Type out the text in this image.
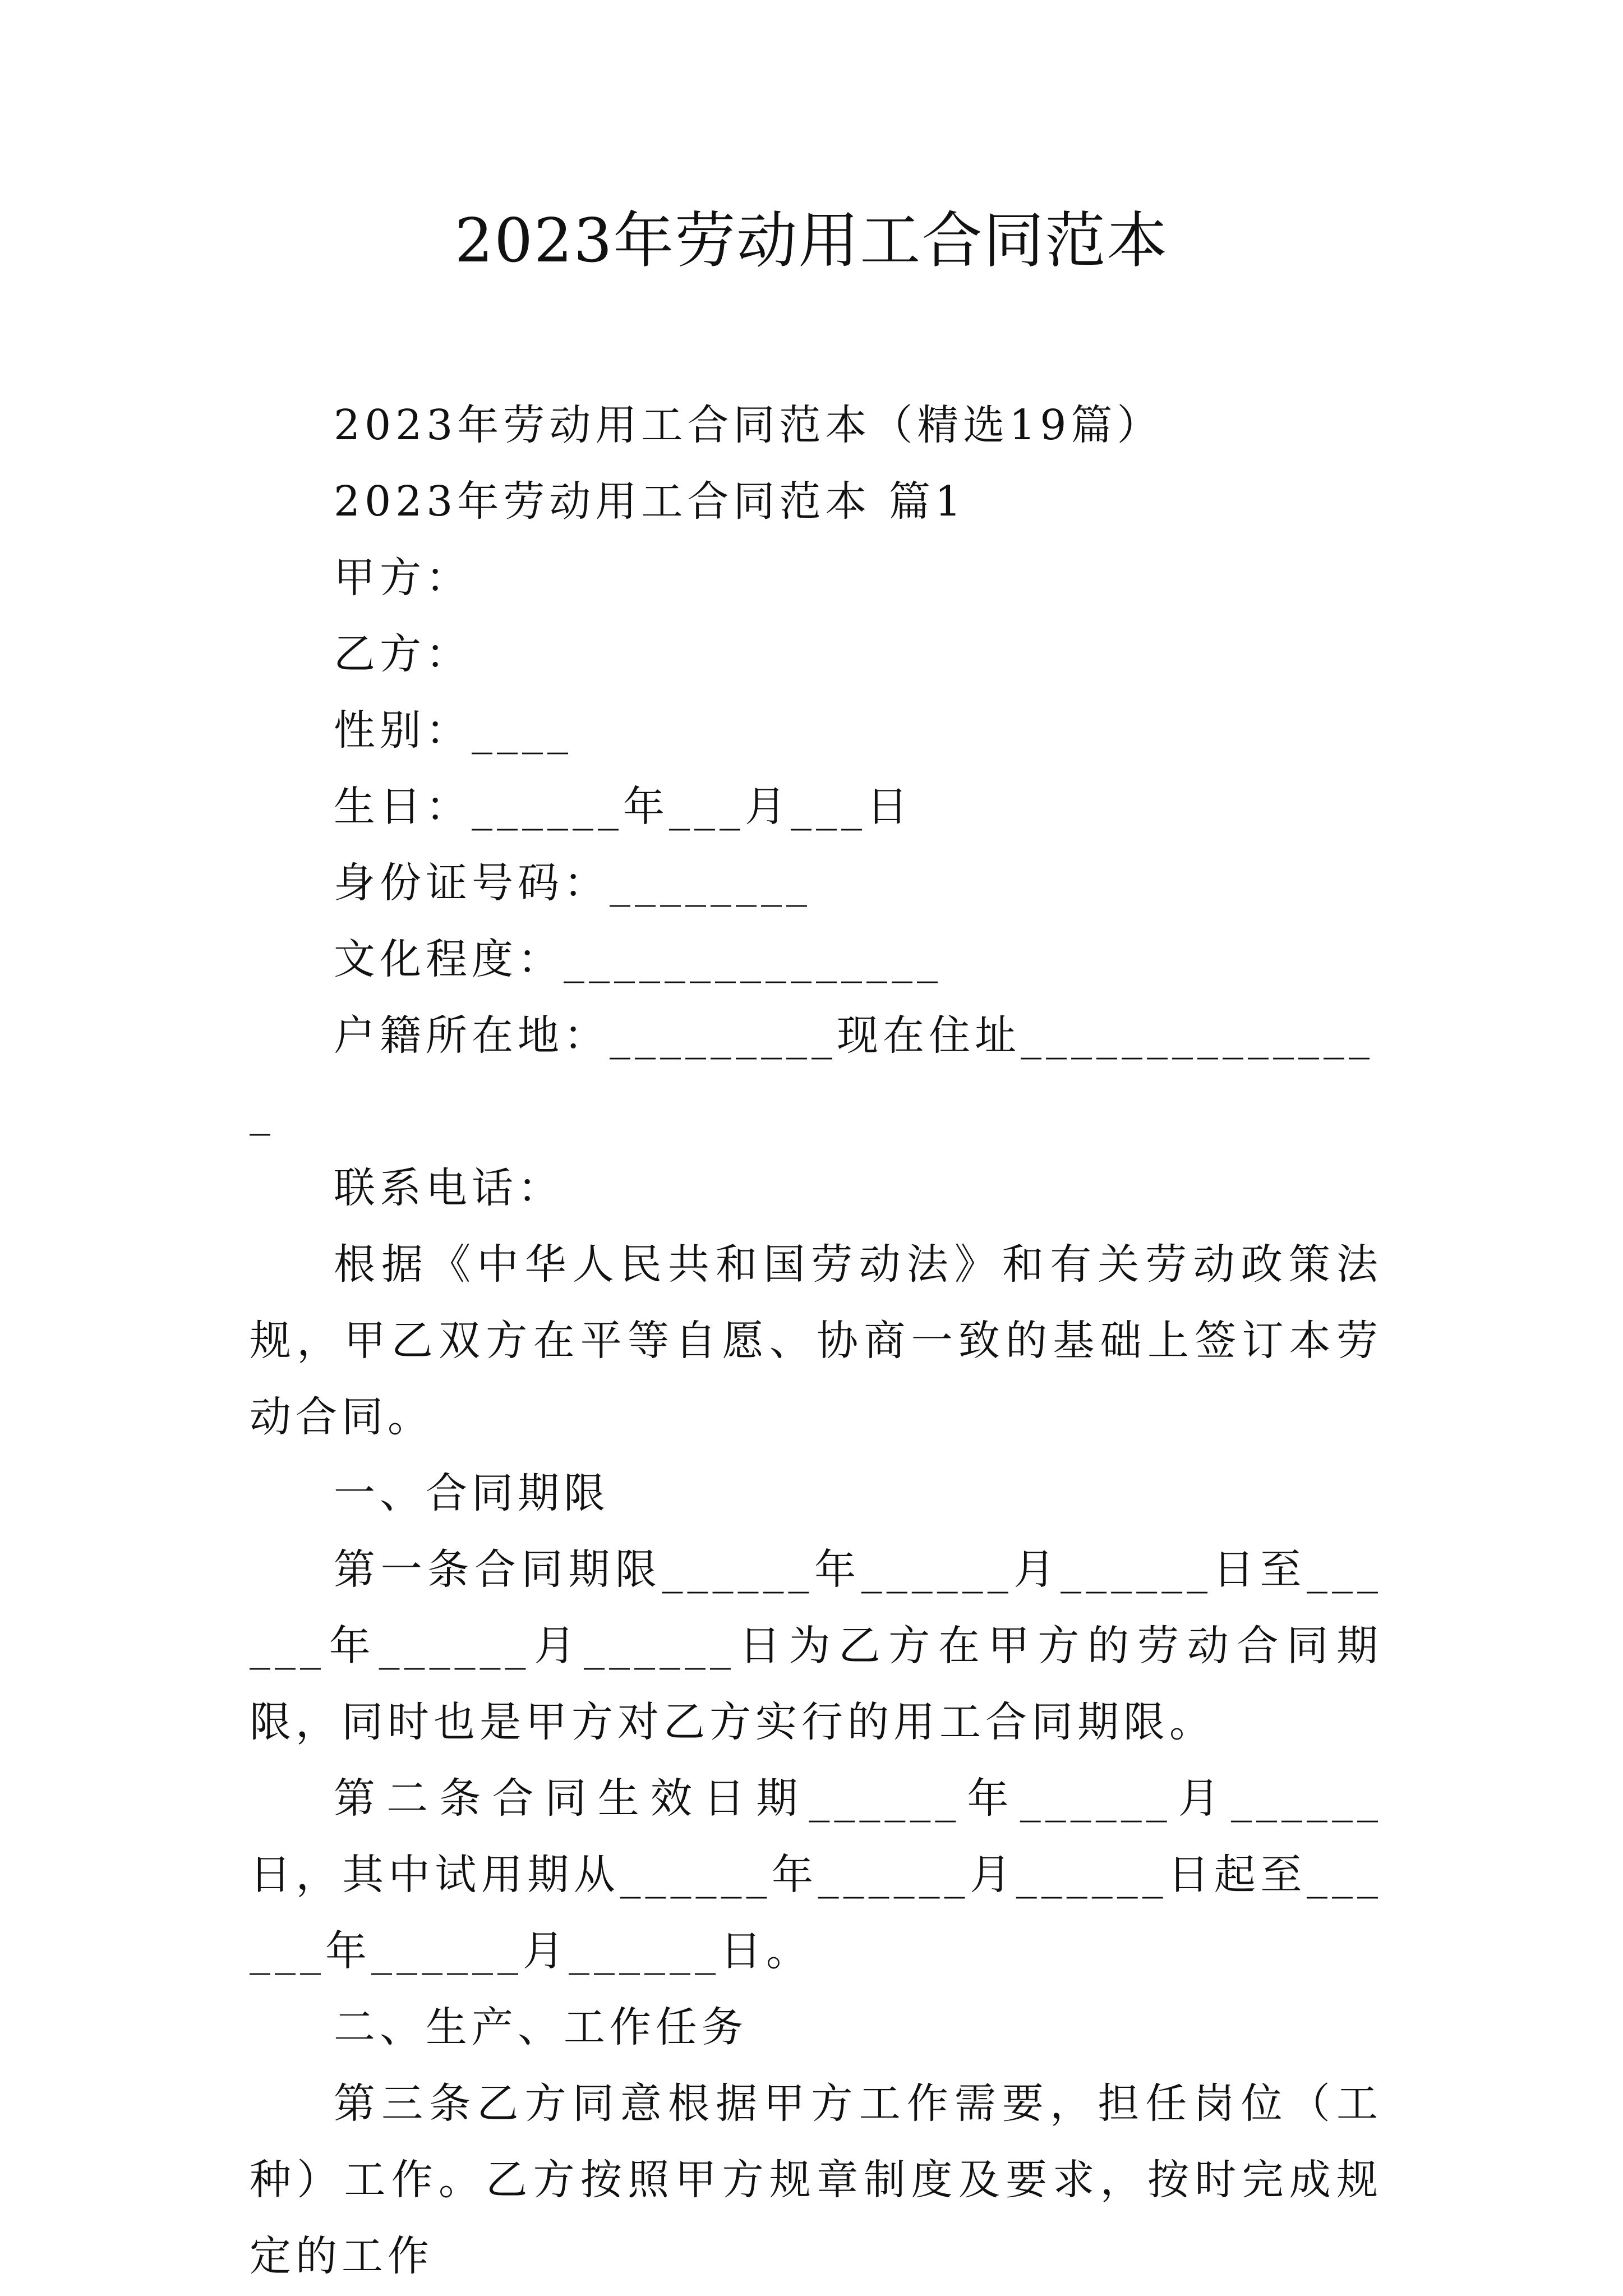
2023年劳动用工合同范本

2023年劳动用工合同范本（精选19篇）

2023年劳动用工合同范本 篇1

甲方：

乙方：

性别：____

生日：______年___月___日

身份证号码：________

文化程度：_______________

户籍所在地：_________现在住址_______________

联系电话：

根据《中华人民共和国劳动法》和有关劳动政策法规，甲乙双方在平等自愿、协商一致的基础上签订本劳动合同。

一、合同期限

第一条合同期限______年______月______日至______年______月______日为乙方在甲方的劳动合同期限，同时也是甲方对乙方实行的用工合同期限。

第二条合同生效日期______年______月______日，其中试用期从______年______月______日起至______年______月______日。

二、生产、工作任务

第三条乙方同意根据甲方工作需要，担任岗位（工种）工作。乙方按照甲方规章制度及要求，按时完成规定的工作
